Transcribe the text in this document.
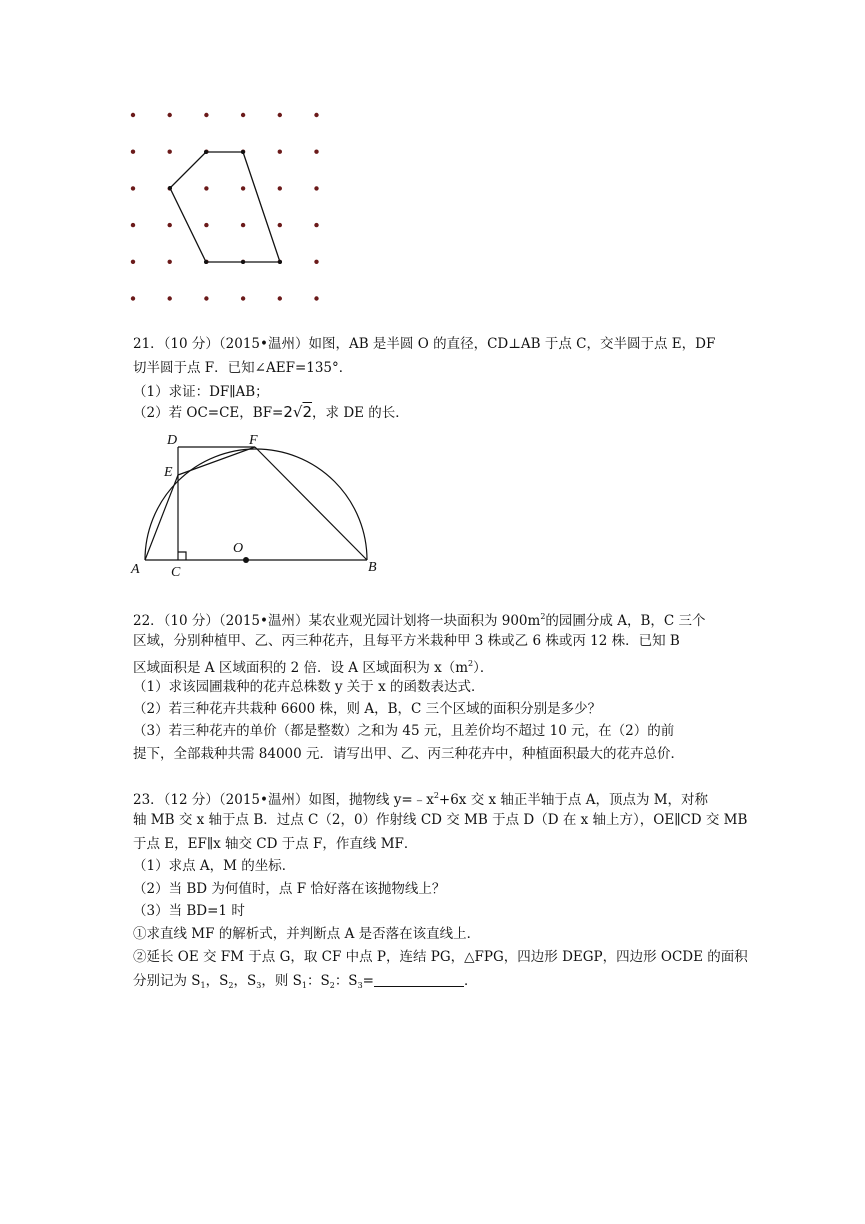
21．（10 分）（2015•温州）如图，AB 是半圆 O 的直径，CD⊥AB 于点 C，交半圆于点 E，DF
切半圆于点 F．已知∠AEF=135°．
（1）求证：DF∥AB；
（2）若 OC=CE，BF=2√2，求 DE 的长．
D	F
E
O
A C	B
22．（10 分）（2015•温州）某农业观光园计划将一块面积为 $900m^2$的园圃分成 A，B，C 三个
区域，分别种植甲、乙、丙三种花卉，且每平方米栽种甲 3 株或乙 6 株或丙 12 株．已知 B
区域面积是 A 区域面积的 2 倍．设 A 区域面积为 $x(m^2)$．
（1）求该园圃栽种的花卉总株数 y 关于 x 的函数表达式．
（2）若三种花卉共栽种 6600 株，则 A，B，C 三个区域的面积分别是多少？
（3）若三种花卉的单价（都是整数）之和为 45 元，且差价均不超过 10 元，在（2）的前
提下，全部栽种共需 84000 元．请写出甲、乙、丙三种花卉中，种植面积最大的花卉总价．
23．（12 分）（2015•温州）如图，抛物线 $y=﹣x^2+6x$ 交 x 轴正半轴于点 A，顶点为 M，对称
轴 MB 交 x 轴于点 B．过点 C（2，0）作射线 CD 交 MB 于点 D（D 在 x 轴上方），OE∥CD 交 MB
于点 E，EF∥x 轴交 CD 于点 F，作直线 MF．
（1）求点 A，M 的坐标．
（2）当 BD 为何值时，点 F 恰好落在该抛物线上？
（3）当 BD=1 时
①求直线 MF 的解析式，并判断点 A 是否落在该直线上．
②延长 OE 交 FM 于点 G，取 CF 中点 P，连结 PG，△FPG，四边形 DEGP，四边形 OCDE 的面积
分别记为 $S_1$，$S_2$，$S_3$，则 $S_1$：$S_2$：$S_3=$	．
